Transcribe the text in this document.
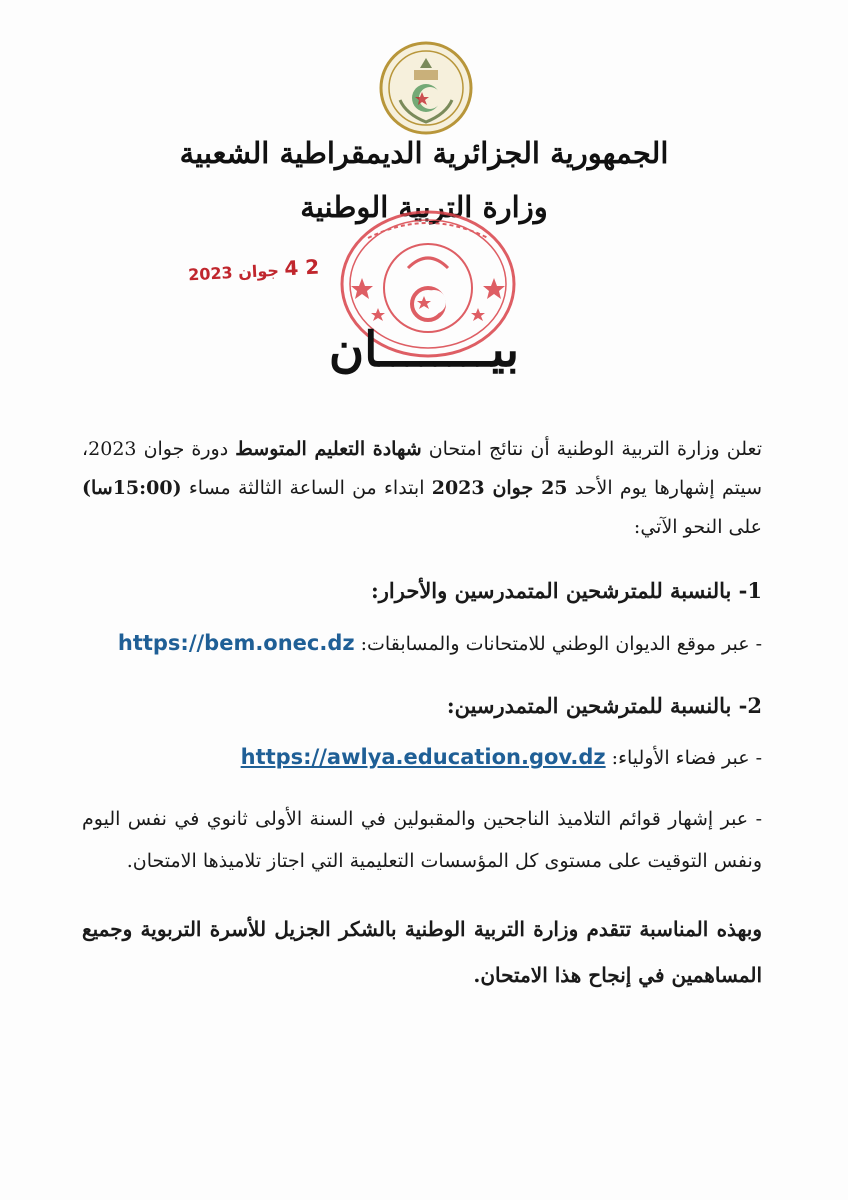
الجمهورية الجزائرية الديمقراطية الشعبية
وزارة التربية الوطنية
2 4 جوان 2023
بيــــــــان
تعلن وزارة التربية الوطنية أن نتائج امتحان شهادة التعليم المتوسط دورة جوان 2023، سيتم إشهارها يوم الأحد 25 جوان 2023 ابتداء من الساعة الثالثة مساء (15:00سا) على النحو الآتي:
1- بالنسبة للمترشحين المتمدرسين والأحرار:
- عبر موقع الديوان الوطني للامتحانات والمسابقات: https://bem.onec.dz
2- بالنسبة للمترشحين المتمدرسين:
- عبر فضاء الأولياء: https://awlya.education.gov.dz
- عبر إشهار قوائم التلاميذ الناجحين والمقبولين في السنة الأولى ثانوي في نفس اليوم ونفس التوقيت على مستوى كل المؤسسات التعليمية التي اجتاز تلاميذها الامتحان.
وبهذه المناسبة تتقدم وزارة التربية الوطنية بالشكر الجزيل للأسرة التربوية وجميع المساهمين في إنجاح هذا الامتحان.
